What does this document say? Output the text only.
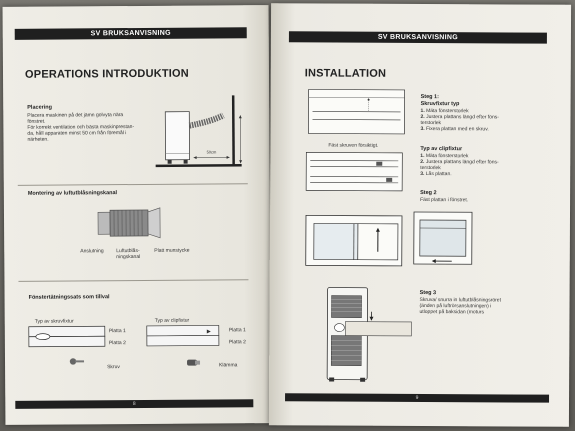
SV BRUKSANVISNING
OPERATIONS INTRODUKTION
Placering
Placera maskinen på det jämn golvyta nära
fönstret.
För korrekt ventilation och bästa maskinprestan-
da, håll apparaten minst 50 cm från föremål i
närheten.
50cm
Montering av luftutblåsningskanal
Anslutning	Luftutblås-
ningskanal
Platt munstycke
Fönstertätningssats som tillval
Typ av skruvfixtur
Platta 1
Platta 2
Skruv
Typ av clipfixtur
Platta 1
Platta 2
Klämma
8
SV BRUKSANVISNING
INSTALLATION
Fäst skruven försiktigt.
Steg 1:
Skruvfixtur typ
1. Mäta fönsterstorlek
2. Justera plattans längd efter föns-
terstorlek
3. Fixera plattan med en skruv.
Typ av clipfixtur
1. Mäta fönsterstorlek
2. Justera plattans längd efter föns-
terstorlek
3. Lås plattan.
Steg 2
Fäst plattan i fönstret.
Steg 3
Skruva/ snurra in luftutblåsningsröret
(änden på luftrörsanslutningen) i
utloppet på baksidan (moturs
9
